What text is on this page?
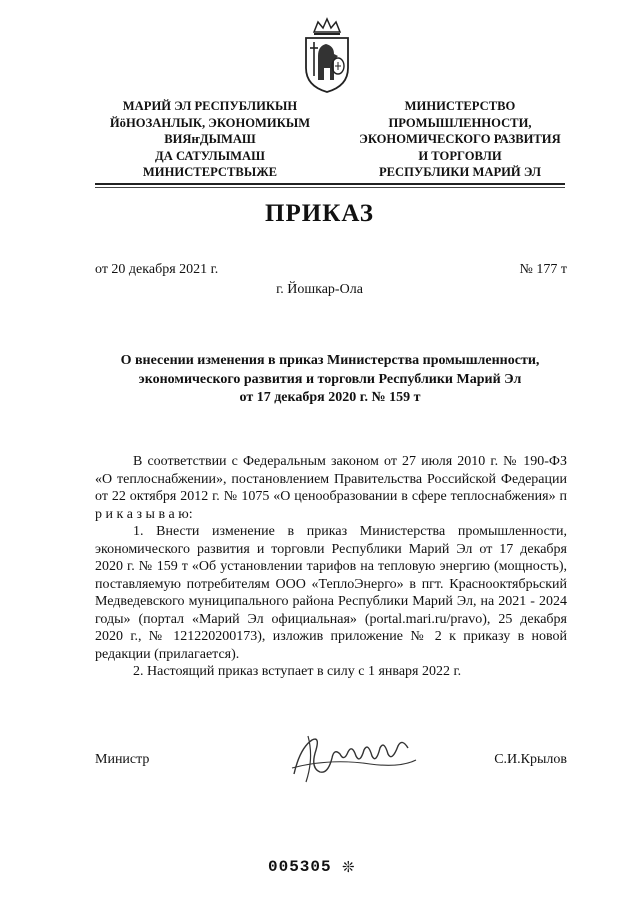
МАРИЙ ЭЛ РЕСПУБЛИКЫН
ЙӧНОЗАНЛЫК, ЭКОНОМИКЫМ
ВИЯҥДЫМАШ
ДА САТУЛЫМАШ
МИНИСТЕРСТВЫЖЕ
МИНИСТЕРСТВО
ПРОМЫШЛЕННОСТИ,
ЭКОНОМИЧЕСКОГО РАЗВИТИЯ
И ТОРГОВЛИ
РЕСПУБЛИКИ МАРИЙ ЭЛ
ПРИКАЗ
от 20 декабря 2021 г.	№ 177 т
г. Йошкар-Ола
О внесении изменения в приказ Министерства промышленности,
экономического развития и торговли Республики Марий Эл
от 17 декабря 2020 г. № 159 т

В соответствии с Федеральным законом от 27 июля 2010 г. № 190-ФЗ «О теплоснабжении», постановлением Правительства Российской Федерации от 22 октября 2012 г. № 1075 «О ценообразовании в сфере теплоснабжения» п р и к а з ы в а ю:

1. Внести изменение в приказ Министерства промышленности, экономического развития и торговли Республики Марий Эл от 17 декабря 2020 г. № 159 т «Об установлении тарифов на тепловую энергию (мощность), поставляемую потребителям ООО «ТеплоЭнерго» в пгт. Краснооктябрьский Медведевского муниципального района Республики Марий Эл, на 2021 - 2024 годы» (портал «Марий Эл официальная» (portal.mari.ru/pravo), 25 декабря 2020 г., № 121220200173), изложив приложение № 2 к приказу в новой редакции (прилагается).

2. Настоящий приказ вступает в силу с 1 января 2022 г.

Министр	С.И.Крылов
005305 ❊
